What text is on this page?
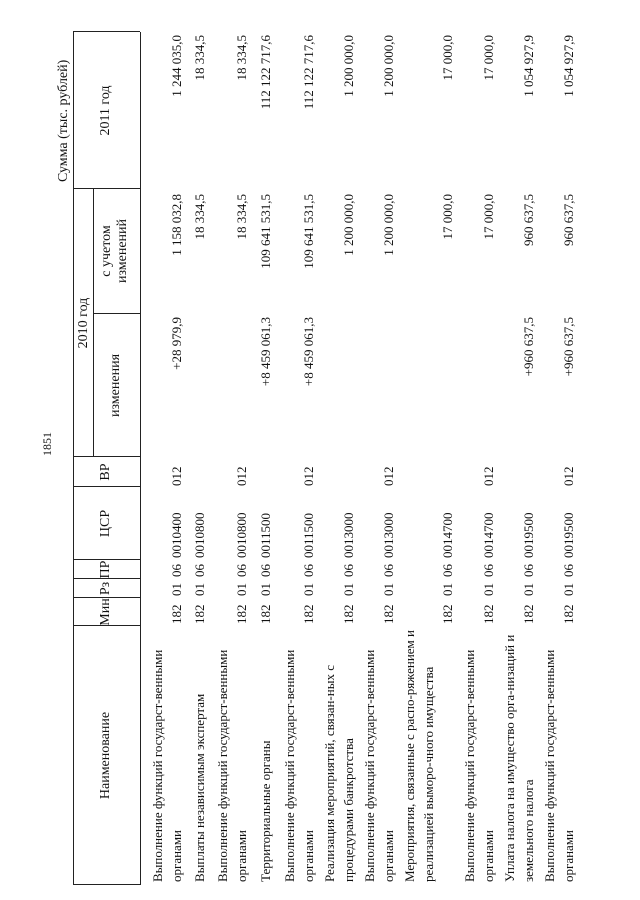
1851
Сумма (тыс. рублей)
Наименование
Мин
Рз
ПР
ЦСР
ВР
2010 год
изменения
с учетом изменений
2011 год
Выполнение функций государст-венными органами
182
01
06
0010400
012
+28 979,9
1 158 032,8
1 244 035,0
Выплаты независимым экспертам
182
01
06
0010800
18 334,5
18 334,5
Выполнение функций государст-венными органами
182
01
06
0010800
012
18 334,5
18 334,5
Территориальные органы
182
01
06
0011500
+8 459 061,3
109 641 531,5
112 122 717,6
Выполнение функций государст-венными органами
182
01
06
0011500
012
+8 459 061,3
109 641 531,5
112 122 717,6
Реализация мероприятий, связан-ных с процедурами банкротства
182
01
06
0013000
1 200 000,0
1 200 000,0
Выполнение функций государст-венными органами
182
01
06
0013000
012
1 200 000,0
1 200 000,0
Мероприятия, связанные с распо-ряжением и реализацией выморо-чного имущества
182
01
06
0014700
17 000,0
17 000,0
Выполнение функций государст-венными органами
182
01
06
0014700
012
17 000,0
17 000,0
Уплата налога на имущество орга-низаций и земельного налога
182
01
06
0019500
+960 637,5
960 637,5
1 054 927,9
Выполнение функций государст-венными органами
182
01
06
0019500
012
+960 637,5
960 637,5
1 054 927,9
